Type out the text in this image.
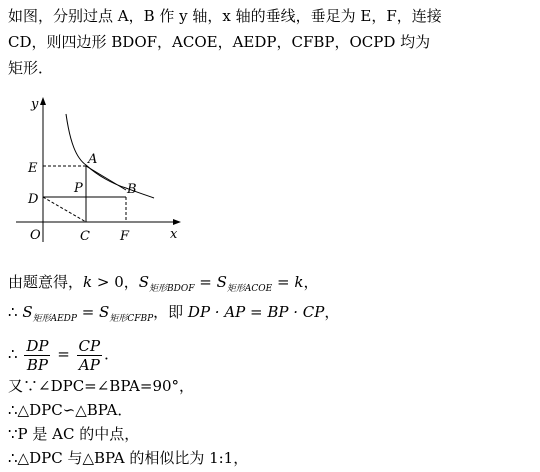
如图，分别过点 A，B 作 y 轴，x 轴的垂线，垂足为 E，F，连接
CD，则四边形 BDOF，ACOE，AEDP，CFBP，OCPD 均为
矩形．
y
E
A
P	B
D
O	C F	x
由题意得，k > 0，$S_{矩形BDOF} = S_{矩形ACOE} = k$，
∴ $S_{矩形AEDP} = S_{矩形CFBP}$，即 DP · AP = BP · CP，
∴ $\frac{DP}{BP} = \frac{CP}{AP}$ ．
又∵∠DPC=∠BPA=90°，
∴△DPC∽△BPA．
∵P 是 AC 的中点，
∴△DPC 与△BPA 的相似比为 1:1，
